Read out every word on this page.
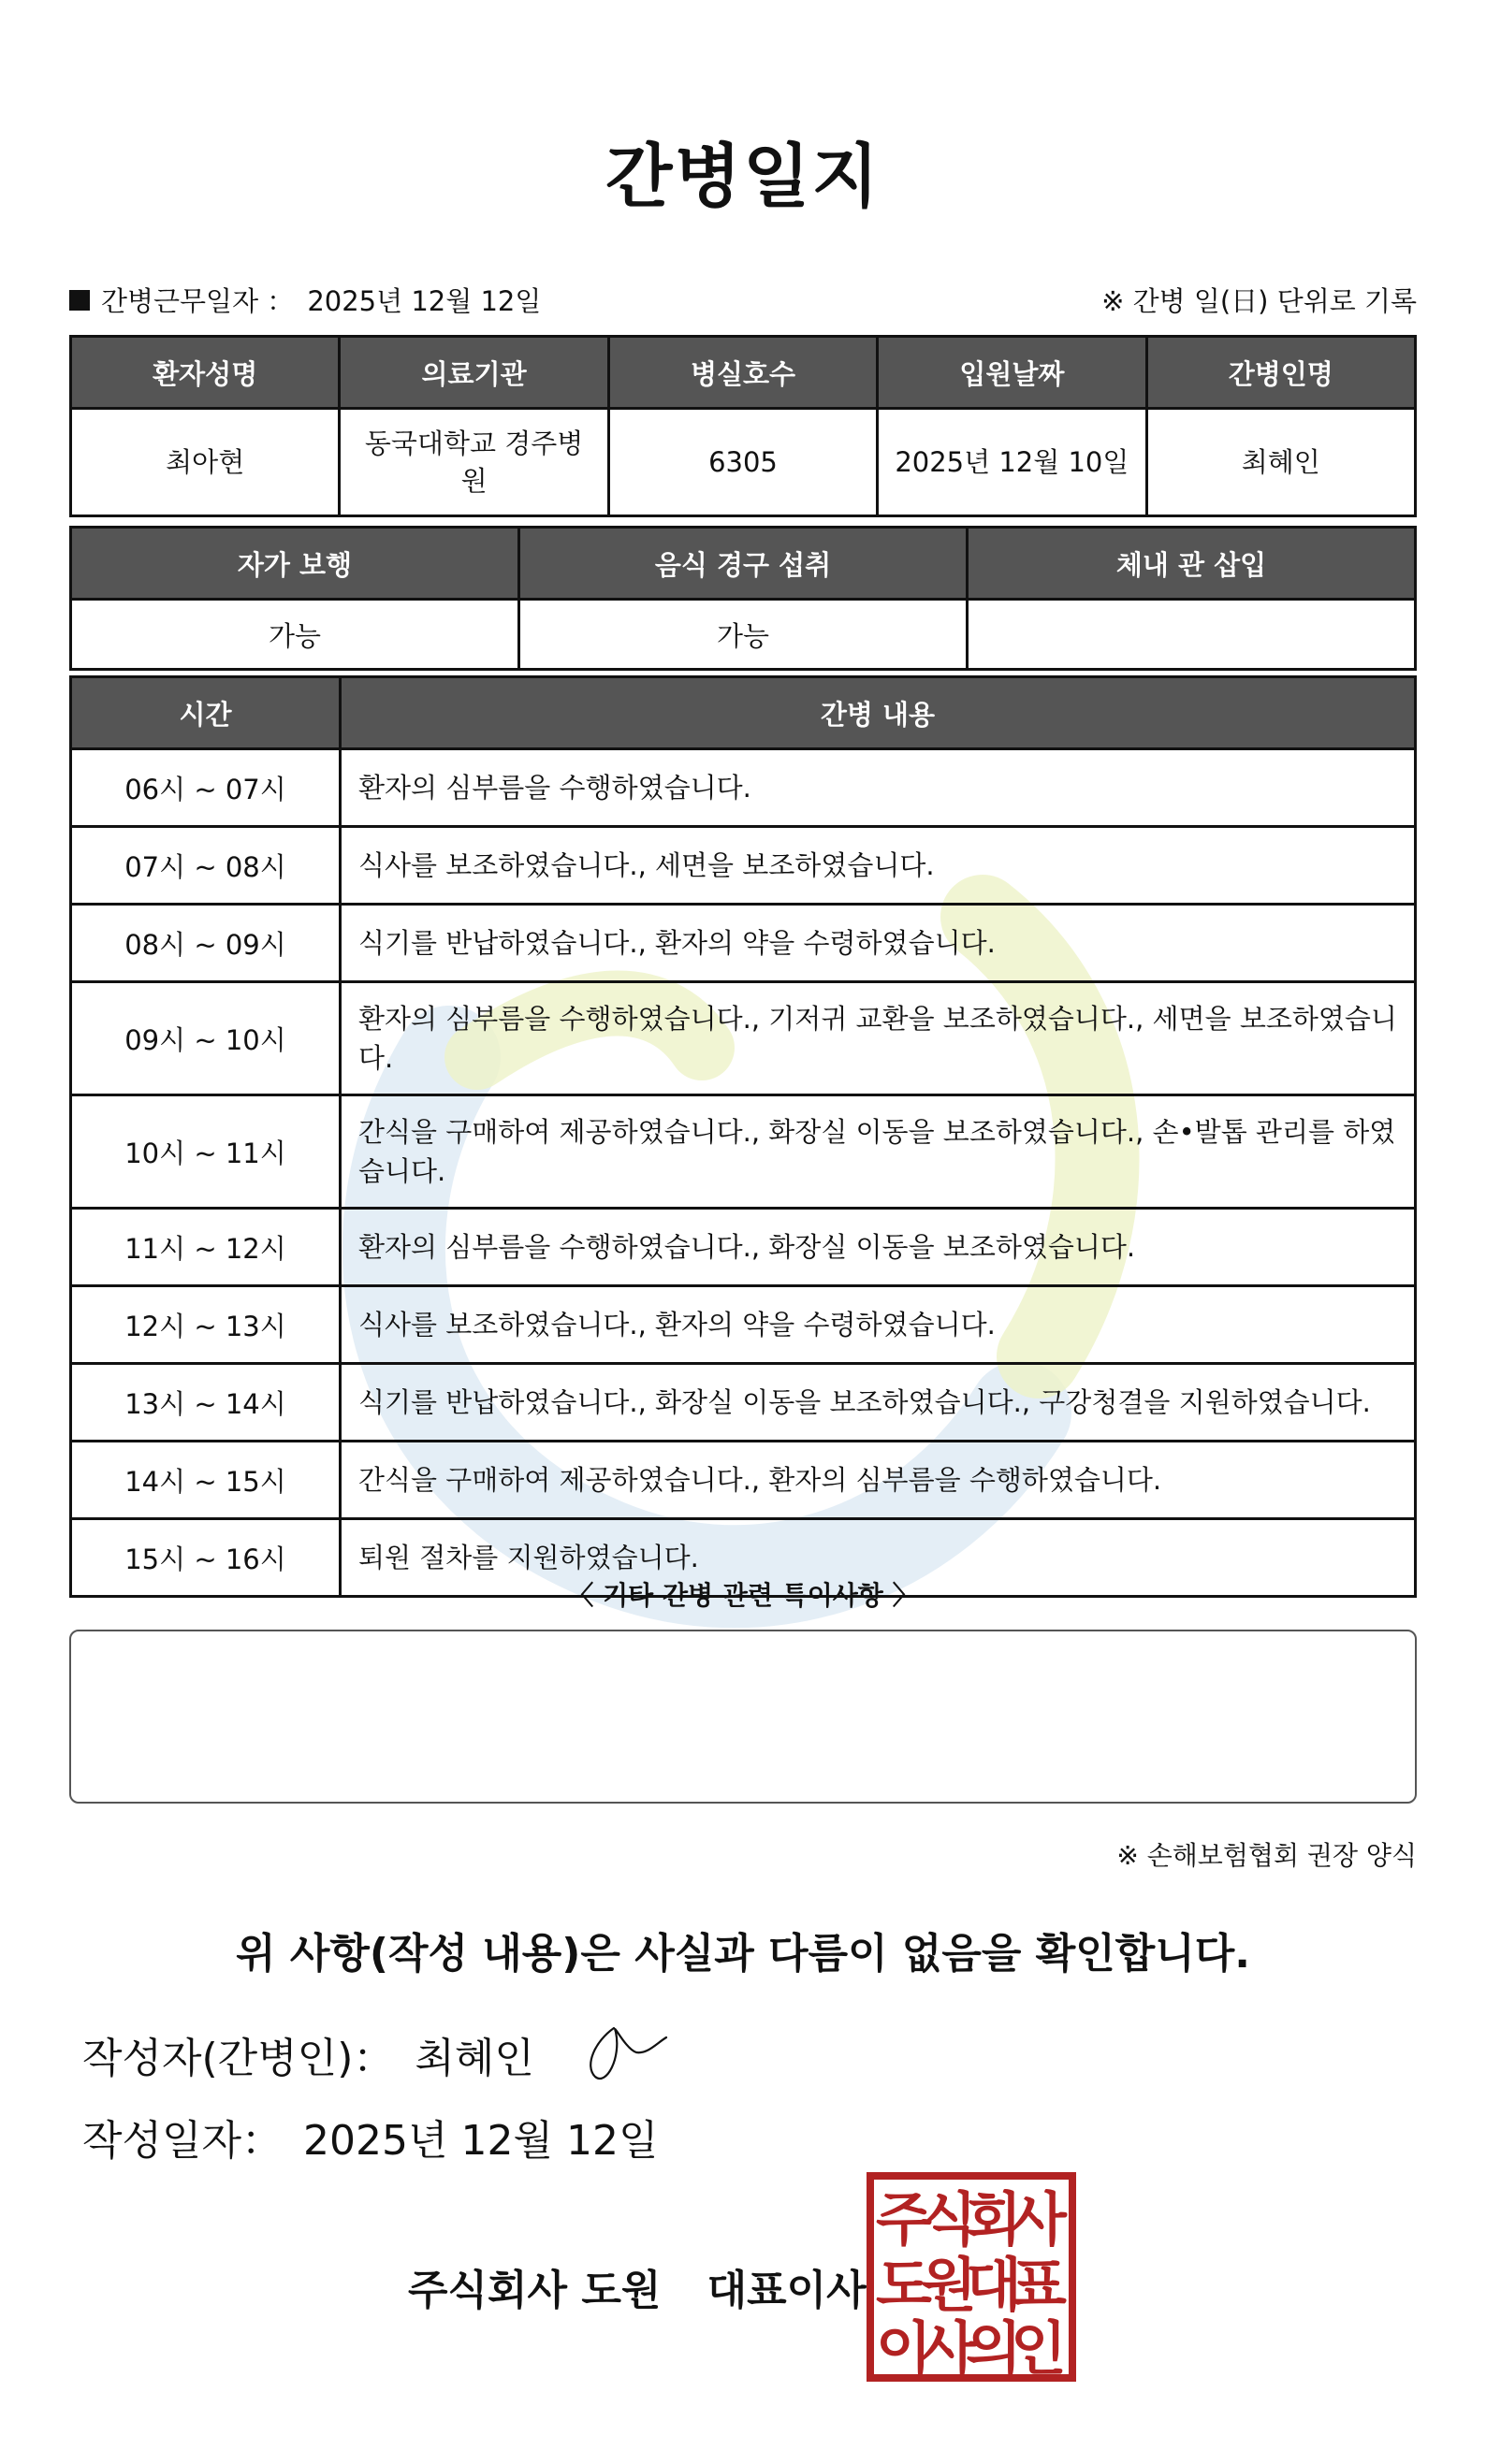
간병일지
간병근무일자 ： 2025년 12월 12일	※ 간병 일(日) 단위로 기록
환자성명	의료기관	병실호수	입원날짜	간병인명
최아현	동국대학교 경주병원	6305	2025년 12월 10일	최혜인
자가 보행	음식 경구 섭취	체내 관 삽입
가능	가능	
시간	간병 내용
06시 ~ 07시	환자의 심부름을 수행하였습니다.
07시 ~ 08시	식사를 보조하였습니다., 세면을 보조하였습니다.
08시 ~ 09시	식기를 반납하였습니다., 환자의 약을 수령하였습니다.
09시 ~ 10시	환자의 심부름을 수행하였습니다., 기저귀 교환을 보조하였습니다., 세면을 보조하였습니다.
10시 ~ 11시	간식을 구매하여 제공하였습니다., 화장실 이동을 보조하였습니다., 손•발톱 관리를 하였습니다.
11시 ~ 12시	환자의 심부름을 수행하였습니다., 화장실 이동을 보조하였습니다.
12시 ~ 13시	식사를 보조하였습니다., 환자의 약을 수령하였습니다.
13시 ~ 14시	식기를 반납하였습니다., 화장실 이동을 보조하였습니다., 구강청결을 지원하였습니다.
14시 ~ 15시	간식을 구매하여 제공하였습니다., 환자의 심부름을 수행하였습니다.
15시 ~ 16시	퇴원 절차를 지원하였습니다.
〈 기타 간병 관련 특이사항 〉
※ 손해보험협회 권장 양식
위 사항(작성 내용)은 사실과 다름이 없음을 확인합니다.
작성자(간병인)： 최혜인
작성일자： 2025년 12월 12일
주식회사 도원 대표이사
주
식
회
사
도
원
대
표
이
사
의
인
